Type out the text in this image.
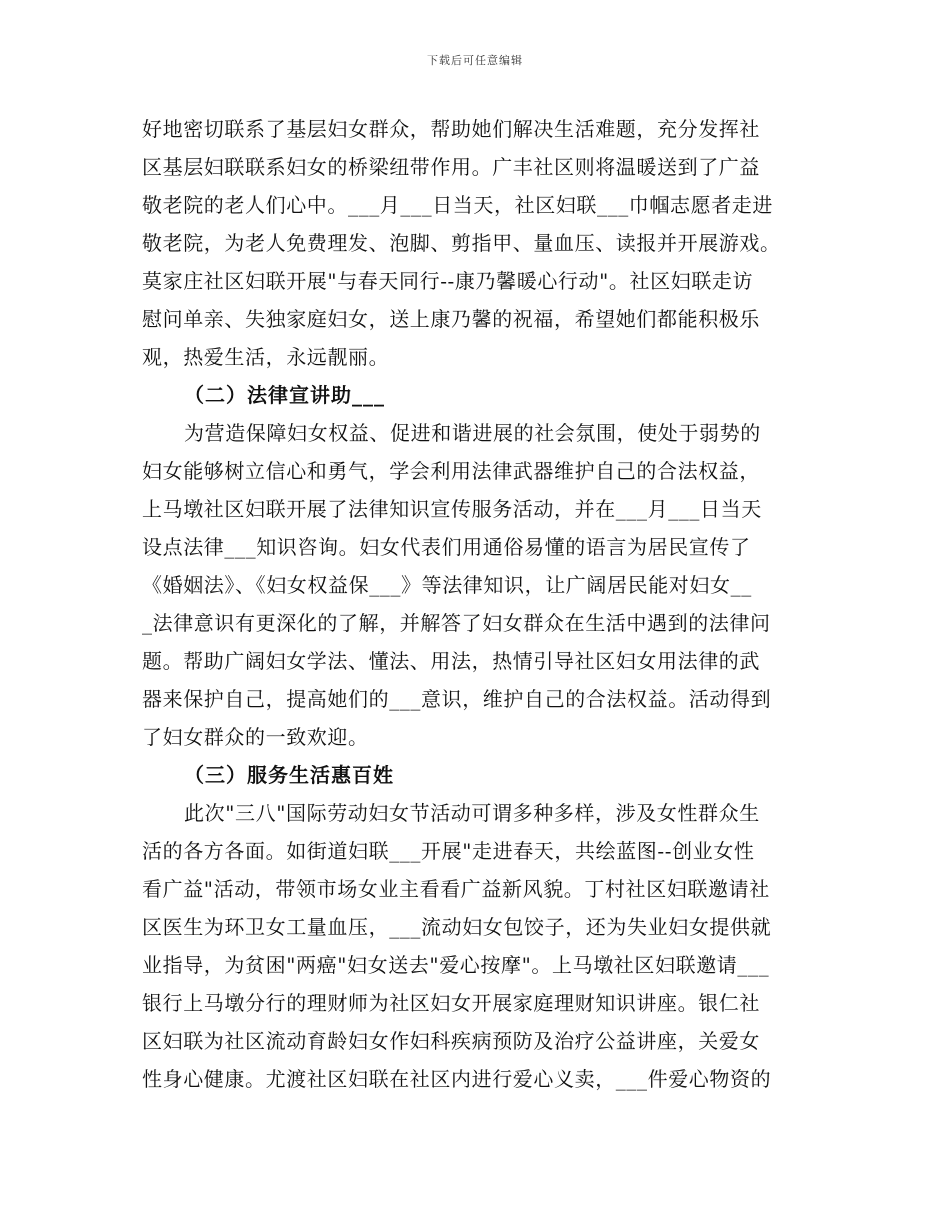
下载后可任意编辑
好地密切联系了基层妇女群众，帮助她们解决生活难题，充分发挥社
区基层妇联联系妇女的桥梁纽带作用。广丰社区则将温暖送到了广益
敬老院的老人们心中。___月___日当天，社区妇联___巾帼志愿者走进
敬老院，为老人免费理发、泡脚、剪指甲、量血压、读报并开展游戏。
莫家庄社区妇联开展"与春天同行--康乃馨暖心行动"。社区妇联走访
慰问单亲、失独家庭妇女，送上康乃馨的祝福，希望她们都能积极乐
观，热爱生活，永远靓丽。
（二）法律宣讲助___
为营造保障妇女权益、促进和谐进展的社会氛围，使处于弱势的
妇女能够树立信心和勇气，学会利用法律武器维护自己的合法权益，
上马墩社区妇联开展了法律知识宣传服务活动，并在___月___日当天
设点法律___知识咨询。妇女代表们用通俗易懂的语言为居民宣传了
《婚姻法》、《妇女权益保___》等法律知识，让广阔居民能对妇女__
_法律意识有更深化的了解，并解答了妇女群众在生活中遇到的法律问
题。帮助广阔妇女学法、懂法、用法，热情引导社区妇女用法律的武
器来保护自己，提高她们的___意识，维护自己的合法权益。活动得到
了妇女群众的一致欢迎。
（三）服务生活惠百姓
此次"三八"国际劳动妇女节活动可谓多种多样，涉及女性群众生
活的各方各面。如街道妇联___开展"走进春天，共绘蓝图--创业女性
看广益"活动，带领市场女业主看看广益新风貌。丁村社区妇联邀请社
区医生为环卫女工量血压，___流动妇女包饺子，还为失业妇女提供就
业指导，为贫困"两癌"妇女送去"爱心按摩"。上马墩社区妇联邀请___
银行上马墩分行的理财师为社区妇女开展家庭理财知识讲座。银仁社
区妇联为社区流动育龄妇女作妇科疾病预防及治疗公益讲座，关爱女
性身心健康。尤渡社区妇联在社区内进行爱心义卖，___件爱心物资的
